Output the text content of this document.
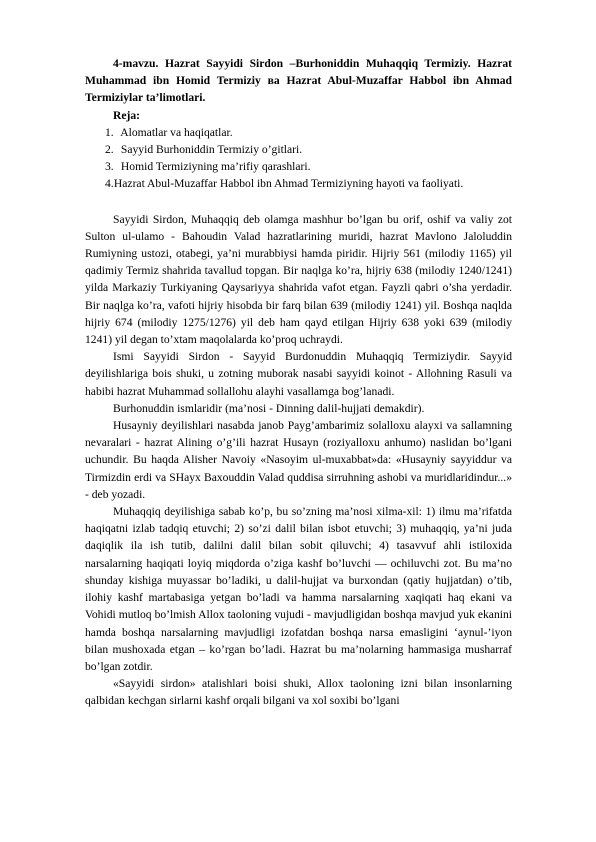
4-mavzu. Hazrat Sayyidi Sirdon –Burhoniddin Muhaqqiq Termiziy. Hazrat Muhammad ibn Homid Termiziy ва Hazrat Abul-Muzaffar Habbol ibn Ahmad Termiziylar ta’limotlari.

Reja:

1. Alomatlar va haqiqatlar.
2. Sayyid Burhoniddin Termiziy o’gitlari.
3. Homid Termiziyning ma’rifiy qarashlari.
4. Hazrat Abul-Muzaffar Habbol ibn Ahmad Termiziyning hayoti va faoliyati.

Sayyidi Sirdon, Muhaqqiq deb olamga mashhur bo’lgan bu orif, oshif va valiy zot Sulton ul-ulamo - Bahoudin Valad hazratlarining muridi, hazrat Mavlono Jaloluddin Rumiyning ustozi, otabegi, ya’ni murabbiysi hamda piridir. Hijriy 561 (milodiy 1165) yil qadimiy Termiz shahrida tavallud topgan. Bir naqlga ko’ra, hijriy 638 (milodiy 1240/1241) yilda Markaziy Turkiyaning Qaysariyya shahrida vafot etgan. Fayzli qabri o’sha yerdadir. Bir naqlga ko’ra, vafoti hijriy hisobda bir farq bilan 639 (milodiy 1241) yil. Boshqa naqlda hijriy 674 (milodiy 1275/1276) yil deb ham qayd etilgan Hijriy 638 yoki 639 (milodiy 1241) yil degan to’xtam maqolalarda ko’proq uchraydi.

Ismi Sayyidi Sirdon - Sayyid Burdonuddin Muhaqqiq Termiziydir. Sayyid deyilishlariga bois shuki, u zotning muborak nasabi sayyidi koinot - Allohning Rasuli va habibi hazrat Muhammad sollallohu alayhi vasallamga bog’lanadi.

Burhonuddin ismlaridir (ma’nosi - Dinning dalil-hujjati demakdir).

Husayniy deyilishlari nasabda janob Payg’ambarimiz solalloxu alayxi va sallamning nevaralari - hazrat Alining o’g’ili hazrat Husayn (roziyalloxu anhumo) naslidan bo’lgani uchundir. Bu haqda Alisher Navoiy «Nasoyim ul-muxabbat»da: «Husayniy sayyiddur va Tirmizdin erdi va SHayx Baxouddin Valad quddisa sirruhning ashobi va muridlaridindur...» - deb yozadi.

Muhaqqiq deyilishiga sabab ko’p, bu so’zning ma’nosi xilma-xil: 1) ilmu ma’rifatda haqiqatni izlab tadqiq etuvchi; 2) so’zi dalil bilan isbot etuvchi; 3) muhaqqiq, ya’ni juda daqiqlik ila ish tutib, dalilni dalil bilan sobit qiluvchi; 4) tasavvuf ahli istiloxida narsalarning haqiqati loyiq miqdorda o’ziga kashf bo’luvchi — ochiluvchi zot. Bu ma’no shunday kishiga muyassar bo’ladiki, u dalil-hujjat va burxondan (qatiy hujjatdan) o’tib, ilohiy kashf martabasiga yetgan bo’ladi va hamma narsalarning xaqiqati haq ekani va Vohidi mutloq bo’lmish Allox taoloning vujudi - mavjudligidan boshqa mavjud yuk ekanini hamda boshqa narsalarning mavjudligi izofatdan boshqa narsa emasligini ‘aynul-’iyon bilan mushoxada etgan – ko’rgan bo’ladi. Hazrat bu ma’nolarning hammasiga musharraf bo’lgan zotdir.

«Sayyidi sirdon» atalishlari boisi shuki, Allox taoloning izni bilan insonlarning qalbidan kechgan sirlarni kashf orqali bilgani va xol soxibi bo’lgani
